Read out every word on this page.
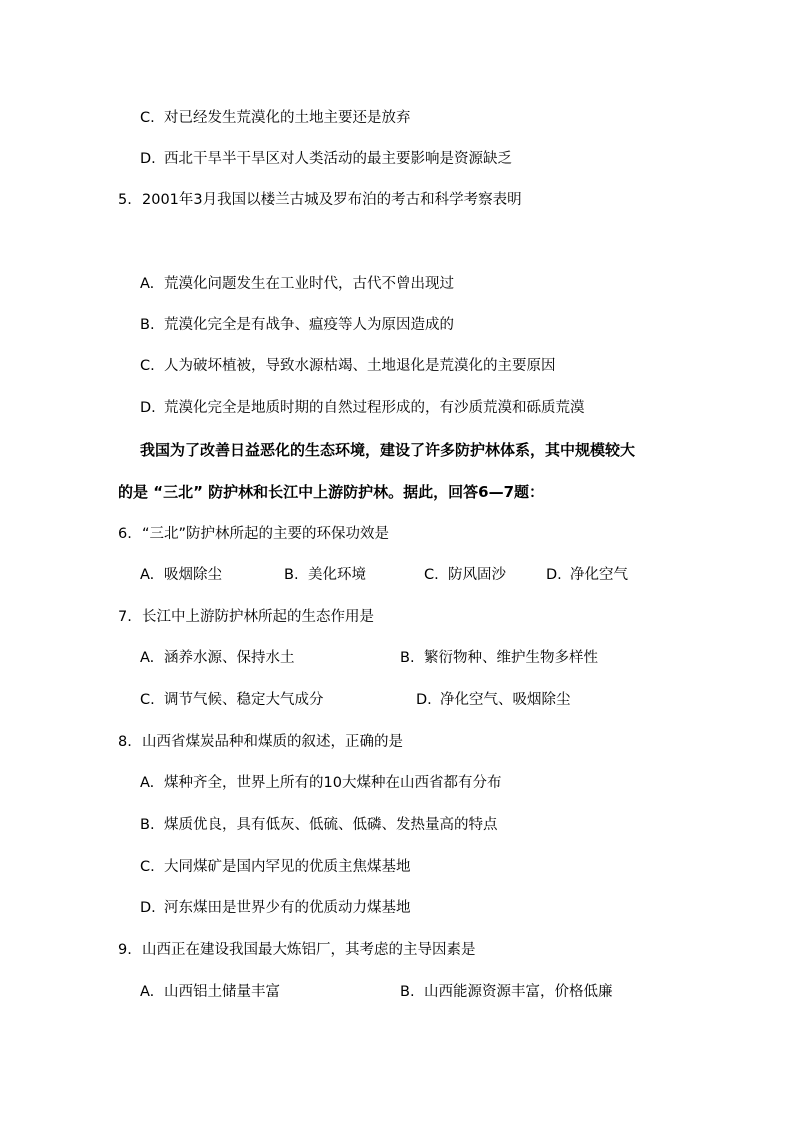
C. 对已经发生荒漠化的土地主要还是放弃
D. 西北干旱半干旱区对人类活动的最主要影响是资源缺乏
5. 2001年3月我国以楼兰古城及罗布泊的考古和科学考察表明
A. 荒漠化问题发生在工业时代，古代不曾出现过
B. 荒漠化完全是有战争、瘟疫等人为原因造成的
C. 人为破坏植被，导致水源枯竭、土地退化是荒漠化的主要原因
D. 荒漠化完全是地质时期的自然过程形成的，有沙质荒漠和砾质荒漠
我国为了改善日益恶化的生态环境，建设了许多防护林体系，其中规模较大
的是 “三北” 防护林和长江中上游防护林。据此，回答6—7题：
6. “三北”防护林所起的主要的环保功效是
A. 吸烟除尘	B. 美化环境	C. 防风固沙	D. 净化空气
7. 长江中上游防护林所起的生态作用是
A. 涵养水源、保持水土	B. 繁衍物种、维护生物多样性
C. 调节气候、稳定大气成分	D. 净化空气、吸烟除尘
8. 山西省煤炭品种和煤质的叙述，正确的是
A. 煤种齐全，世界上所有的10大煤种在山西省都有分布
B. 煤质优良，具有低灰、低硫、低磷、发热量高的特点
C. 大同煤矿是国内罕见的优质主焦煤基地
D. 河东煤田是世界少有的优质动力煤基地
9. 山西正在建设我国最大炼铝厂，其考虑的主导因素是
A. 山西铝土储量丰富	B. 山西能源资源丰富，价格低廉
